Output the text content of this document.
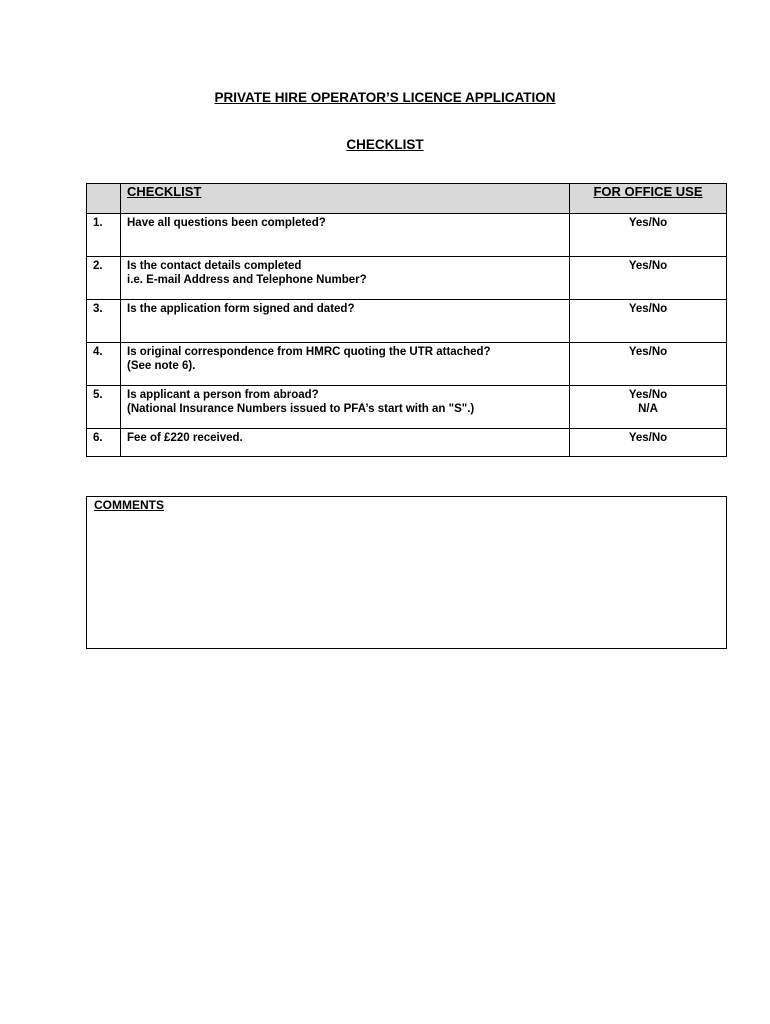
PRIVATE HIRE OPERATOR’S LICENCE APPLICATION
CHECKLIST
	CHECKLIST	FOR OFFICE USE
1.	Have all questions been completed?	Yes/No

2.	Is the contact details completed
i.e. E-mail Address and Telephone Number?	Yes/No

3.	Is the application form signed and dated?	Yes/No

4.	Is original correspondence from HMRC quoting the UTR attached?
(See note 6).	Yes/No

5.	Is applicant a person from abroad?
(National Insurance Numbers issued to PFA’s start with an "S".)	Yes/No
N/A

6.	Fee of £220 received.	Yes/No
COMMENTS
